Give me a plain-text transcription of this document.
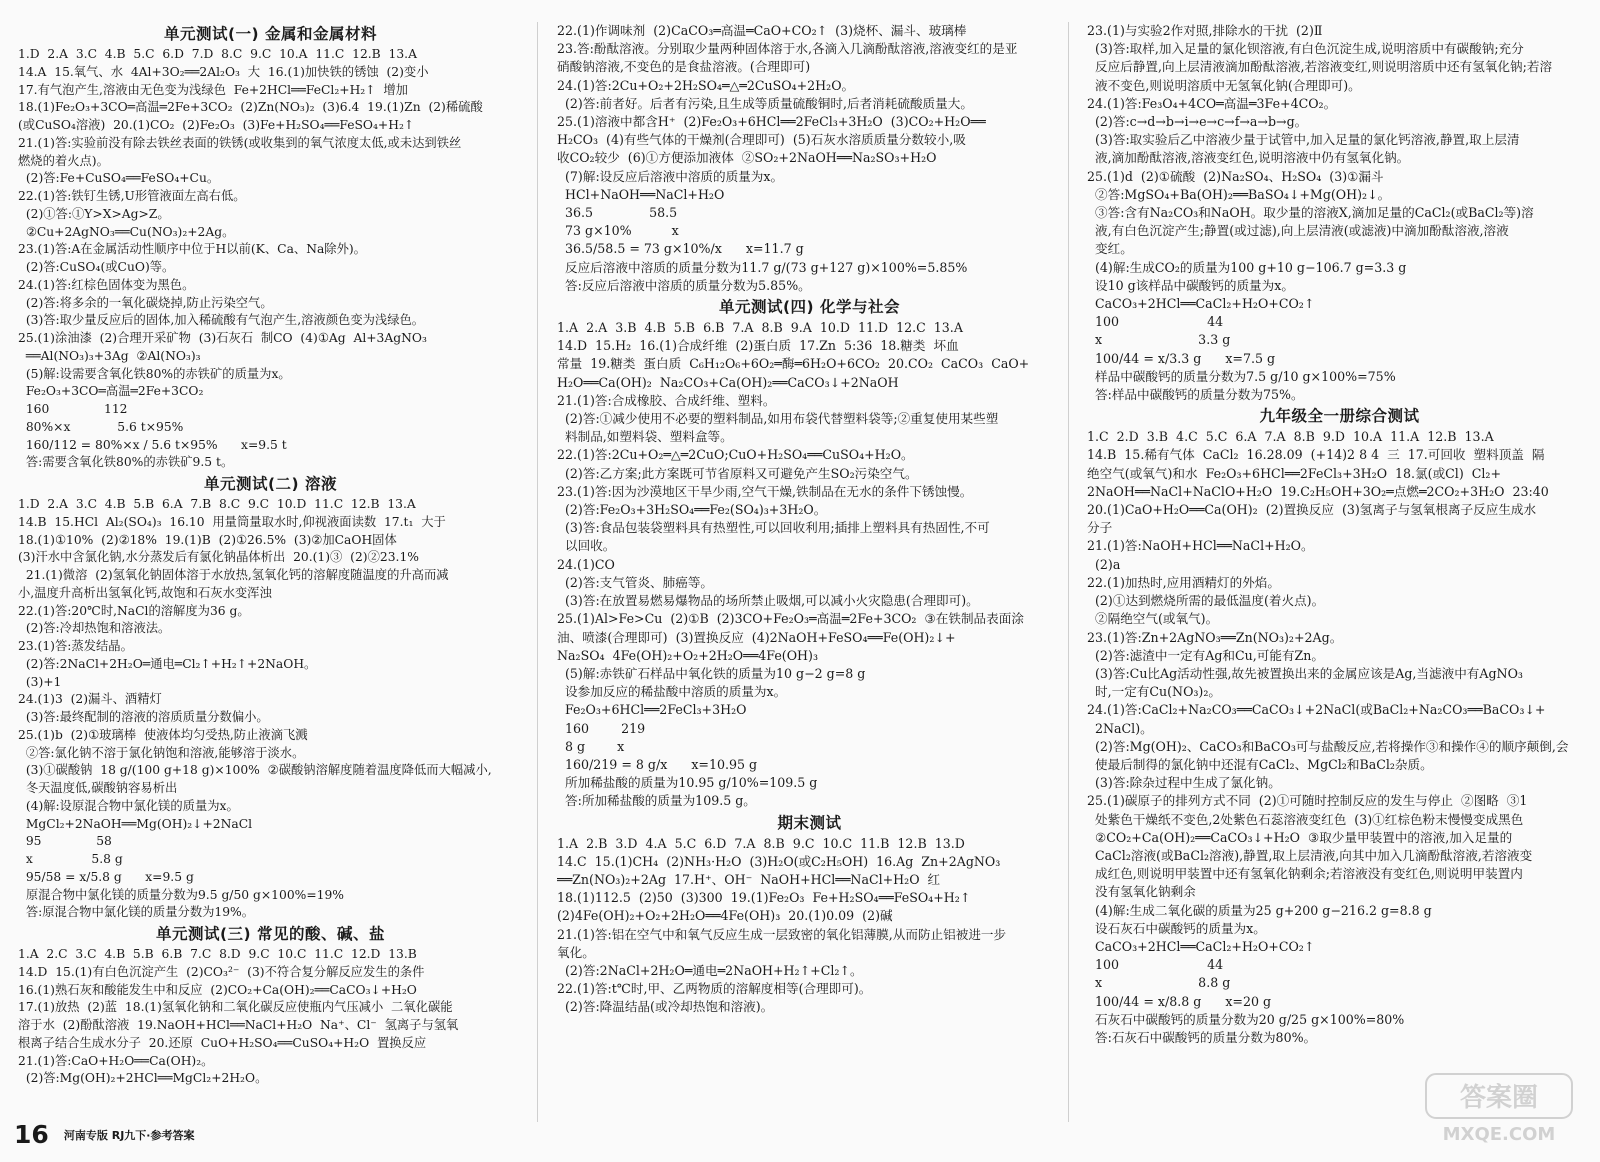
单元测试(一) 金属和金属材料
1.D  2.A  3.C  4.B  5.C  6.D  7.D  8.C  9.C  10.A  11.C  12.B  13.A
14.A  15.氧气、水  4Al+3O₂══2Al₂O₃  大  16.(1)加快铁的锈蚀  (2)变小
17.有气泡产生,溶液由无色变为浅绿色  Fe+2HCl══FeCl₂+H₂↑  增加
18.(1)Fe₂O₃+3CO═高温═2Fe+3CO₂  (2)Zn(NO₃)₂  (3)6.4  19.(1)Zn  (2)稀硫酸
(或CuSO₄溶液)  20.(1)CO₂  (2)Fe₂O₃  (3)Fe+H₂SO₄══FeSO₄+H₂↑
21.(1)答:实验前没有除去铁丝表面的铁锈(或收集到的氧气浓度太低,或未达到铁丝
燃烧的着火点)。
(2)答:Fe+CuSO₄══FeSO₄+Cu。
22.(1)答:铁钉生锈,U形管液面左高右低。
(2)①答:①Y>X>Ag>Z。
②Cu+2AgNO₃══Cu(NO₃)₂+2Ag。
23.(1)答:A在金属活动性顺序中位于H以前(K、Ca、Na除外)。
(2)答:CuSO₄(或CuO)等。
24.(1)答:红棕色固体变为黑色。
(2)答:将多余的一氧化碳烧掉,防止污染空气。
(3)答:取少量反应后的固体,加入稀硫酸有气泡产生,溶液颜色变为浅绿色。
25.(1)涂油漆  (2)合理开采矿物  (3)石灰石  制CO  (4)①Ag  Al+3AgNO₃
══Al(NO₃)₃+3Ag  ②Al(NO₃)₃
(5)解:设需要含氧化铁80%的赤铁矿的质量为x。
Fe₂O₃+3CO═高温═2Fe+3CO₂
160              112
80%×x            5.6 t×95%
160/112 = 80%×x / 5.6 t×95%      x=9.5 t
答:需要含氧化铁80%的赤铁矿9.5 t。
单元测试(二) 溶液
1.D  2.A  3.C  4.B  5.B  6.A  7.B  8.C  9.C  10.D  11.C  12.B  13.A
14.B  15.HCl  Al₂(SO₄)₃  16.10  用量筒量取水时,仰视液面读数  17.t₁  大于
18.(1)①10%  (2)②18%  19.(1)B  (2)①26.5%  (3)②加CaOH固体
(3)汗水中含氯化钠,水分蒸发后有氯化钠晶体析出  20.(1)③  (2)②23.1%
21.(1)微溶  (2)氢氧化钠固体溶于水放热,氢氧化钙的溶解度随温度的升高而减
小,温度升高析出氢氧化钙,故饱和石灰水变浑浊
22.(1)答:20℃时,NaCl的溶解度为36 g。
(2)答:冷却热饱和溶液法。
23.(1)答:蒸发结晶。
(2)答:2NaCl+2H₂O═通电═Cl₂↑+H₂↑+2NaOH。
(3)+1
24.(1)3  (2)漏斗、酒精灯
(3)答:最终配制的溶液的溶质质量分数偏小。
25.(1)b  (2)①玻璃棒  使液体均匀受热,防止液滴飞溅
②答:氯化钠不溶于氯化钠饱和溶液,能够溶于淡水。
(3)①碳酸钠  18 g/(100 g+18 g)×100%  ②碳酸钠溶解度随着温度降低而大幅减小,
冬天温度低,碳酸钠容易析出
(4)解:设原混合物中氯化镁的质量为x。
MgCl₂+2NaOH══Mg(OH)₂↓+2NaCl
95              58
x               5.8 g
95/58 = x/5.8 g      x=9.5 g
原混合物中氯化镁的质量分数为9.5 g/50 g×100%=19%
答:原混合物中氯化镁的质量分数为19%。
单元测试(三) 常见的酸、碱、盐
1.A  2.C  3.C  4.B  5.B  6.B  7.C  8.D  9.C  10.C  11.C  12.D  13.B
14.D  15.(1)有白色沉淀产生  (2)CO₃²⁻  (3)不符合复分解反应发生的条件
16.(1)熟石灰和酸能发生中和反应  (2)CO₂+Ca(OH)₂══CaCO₃↓+H₂O
17.(1)放热  (2)蓝  18.(1)氢氧化钠和二氧化碳反应使瓶内气压减小  二氧化碳能
溶于水  (2)酚酞溶液  19.NaOH+HCl══NaCl+H₂O  Na⁺、Cl⁻  氢离子与氢氧
根离子结合生成水分子  20.还原  CuO+H₂SO₄══CuSO₄+H₂O  置换反应
21.(1)答:CaO+H₂O══Ca(OH)₂。
(2)答:Mg(OH)₂+2HCl══MgCl₂+2H₂O。
22.(1)作调味剂  (2)CaCO₃═高温═CaO+CO₂↑  (3)烧杯、漏斗、玻璃棒
23.答:酚酞溶液。分别取少量两种固体溶于水,各滴入几滴酚酞溶液,溶液变红的是亚
硝酸钠溶液,不变色的是食盐溶液。(合理即可)
24.(1)答:2Cu+O₂+2H₂SO₄═△═2CuSO₄+2H₂O。
(2)答:前者好。后者有污染,且生成等质量硫酸铜时,后者消耗硫酸质量大。
25.(1)溶液中都含H⁺  (2)Fe₂O₃+6HCl══2FeCl₃+3H₂O  (3)CO₂+H₂O══
H₂CO₃  (4)有些气体的干燥剂(合理即可)  (5)石灰水溶质质量分数较小,吸
收CO₂较少  (6)①方便添加液体  ②SO₂+2NaOH══Na₂SO₃+H₂O
(7)解:设反应后溶液中溶质的质量为x。
HCl+NaOH══NaCl+H₂O
36.5              58.5
73 g×10%          x
36.5/58.5 = 73 g×10%/x      x=11.7 g
反应后溶液中溶质的质量分数为11.7 g/(73 g+127 g)×100%=5.85%
答:反应后溶液中溶质的质量分数为5.85%。
单元测试(四) 化学与社会
1.A  2.A  3.B  4.B  5.B  6.B  7.A  8.B  9.A  10.D  11.D  12.C  13.A
14.D  15.H₂  16.(1)合成纤维  (2)蛋白质  17.Zn  5:36  18.糖类  坏血
常量  19.糖类  蛋白质  C₆H₁₂O₆+6O₂═酶═6H₂O+6CO₂  20.CO₂  CaCO₃  CaO+
H₂O══Ca(OH)₂  Na₂CO₃+Ca(OH)₂══CaCO₃↓+2NaOH
21.(1)答:合成橡胶、合成纤维、塑料。
(2)答:①减少使用不必要的塑料制品,如用布袋代替塑料袋等;②重复使用某些塑
料制品,如塑料袋、塑料盒等。
22.(1)答:2Cu+O₂═△═2CuO;CuO+H₂SO₄══CuSO₄+H₂O。
(2)答:乙方案;此方案既可节省原料又可避免产生SO₂污染空气。
23.(1)答:因为沙漠地区干旱少雨,空气干燥,铁制品在无水的条件下锈蚀慢。
(2)答:Fe₂O₃+3H₂SO₄══Fe₂(SO₄)₃+3H₂O。
(3)答:食品包装袋塑料具有热塑性,可以回收利用;插排上塑料具有热固性,不可
以回收。
24.(1)CO
(2)答:支气管炎、肺癌等。
(3)答:在放置易燃易爆物品的场所禁止吸烟,可以减小火灾隐患(合理即可)。
25.(1)Al>Fe>Cu  (2)①B  (2)3CO+Fe₂O₃═高温═2Fe+3CO₂  ③在铁制品表面涂
油、喷漆(合理即可)  (3)置换反应  (4)2NaOH+FeSO₄══Fe(OH)₂↓+
Na₂SO₄  4Fe(OH)₂+O₂+2H₂O══4Fe(OH)₃
(5)解:赤铁矿石样品中氧化铁的质量为10 g−2 g=8 g
设参加反应的稀盐酸中溶质的质量为x。
Fe₂O₃+6HCl══2FeCl₃+3H₂O
160        219
8 g        x
160/219 = 8 g/x      x=10.95 g
所加稀盐酸的质量为10.95 g/10%=109.5 g
答:所加稀盐酸的质量为109.5 g。
期末测试
1.A  2.B  3.D  4.A  5.C  6.D  7.A  8.B  9.C  10.C  11.B  12.B  13.D
14.C  15.(1)CH₄  (2)NH₃·H₂O  (3)H₂O(或C₂H₅OH)  16.Ag  Zn+2AgNO₃
══Zn(NO₃)₂+2Ag  17.H⁺、OH⁻  NaOH+HCl══NaCl+H₂O  红
18.(1)112.5  (2)50  (3)300  19.(1)Fe₂O₃  Fe+H₂SO₄══FeSO₄+H₂↑
(2)4Fe(OH)₂+O₂+2H₂O══4Fe(OH)₃  20.(1)0.09  (2)碱
21.(1)答:铝在空气中和氧气反应生成一层致密的氧化铝薄膜,从而防止铝被进一步
氧化。
(2)答:2NaCl+2H₂O═通电═2NaOH+H₂↑+Cl₂↑。
22.(1)答:t℃时,甲、乙两物质的溶解度相等(合理即可)。
(2)答:降温结晶(或冷却热饱和溶液)。
23.(1)与实验2作对照,排除水的干扰  (2)Ⅱ
(3)答:取样,加入足量的氯化钡溶液,有白色沉淀生成,说明溶质中有碳酸钠;充分
反应后静置,向上层清液滴加酚酞溶液,若溶液变红,则说明溶质中还有氢氧化钠;若溶
液不变色,则说明溶质中无氢氧化钠(合理即可)。
24.(1)答:Fe₃O₄+4CO═高温═3Fe+4CO₂。
(2)答:c→d→b→i→e→c→f→a→b→g。
(3)答:取实验后乙中溶液少量于试管中,加入足量的氯化钙溶液,静置,取上层清
液,滴加酚酞溶液,溶液变红色,说明溶液中仍有氢氧化钠。
25.(1)d  (2)①硫酸  (2)Na₂SO₄、H₂SO₄  (3)①漏斗
②答:MgSO₄+Ba(OH)₂══BaSO₄↓+Mg(OH)₂↓。
③答:含有Na₂CO₃和NaOH。取少量的溶液X,滴加足量的CaCl₂(或BaCl₂等)溶
液,有白色沉淀产生;静置(或过滤),向上层清液(或滤液)中滴加酚酞溶液,溶液
变红。
(4)解:生成CO₂的质量为100 g+10 g−106.7 g=3.3 g
设10 g该样品中碳酸钙的质量为x。
CaCO₃+2HCl══CaCl₂+H₂O+CO₂↑
100                      44
x                        3.3 g
100/44 = x/3.3 g      x=7.5 g
样品中碳酸钙的质量分数为7.5 g/10 g×100%=75%
答:样品中碳酸钙的质量分数为75%。
九年级全一册综合测试
1.C  2.D  3.B  4.C  5.C  6.A  7.A  8.B  9.D  10.A  11.A  12.B  13.A
14.B  15.稀有气体  CaCl₂  16.28.09  (+14)2 8 4  三  17.可回收  塑料顶盖  隔
绝空气(或氧气)和水  Fe₂O₃+6HCl══2FeCl₃+3H₂O  18.氯(或Cl)  Cl₂+
2NaOH══NaCl+NaClO+H₂O  19.C₂H₅OH+3O₂═点燃═2CO₂+3H₂O  23:40
20.(1)CaO+H₂O══Ca(OH)₂  (2)置换反应  (3)氢离子与氢氧根离子反应生成水
分子
21.(1)答:NaOH+HCl══NaCl+H₂O。
(2)a
22.(1)加热时,应用酒精灯的外焰。
(2)①达到燃烧所需的最低温度(着火点)。
②隔绝空气(或氧气)。
23.(1)答:Zn+2AgNO₃══Zn(NO₃)₂+2Ag。
(2)答:滤渣中一定有Ag和Cu,可能有Zn。
(3)答:Cu比Ag活动性强,故先被置换出来的金属应该是Ag,当滤液中有AgNO₃
时,一定有Cu(NO₃)₂。
24.(1)答:CaCl₂+Na₂CO₃══CaCO₃↓+2NaCl(或BaCl₂+Na₂CO₃══BaCO₃↓+
2NaCl)。
(2)答:Mg(OH)₂、CaCO₃和BaCO₃可与盐酸反应,若将操作③和操作④的顺序颠倒,会
使最后制得的氯化钠中还混有CaCl₂、MgCl₂和BaCl₂杂质。
(3)答:除杂过程中生成了氯化钠。
25.(1)碳原子的排列方式不同  (2)①可随时控制反应的发生与停止  ②图略  ③1
处紫色干燥纸不变色,2处紫色石蕊溶液变红色  (3)①红棕色粉末慢慢变成黑色
②CO₂+Ca(OH)₂══CaCO₃↓+H₂O  ③取少量甲装置中的溶液,加入足量的
CaCl₂溶液(或BaCl₂溶液),静置,取上层清液,向其中加入几滴酚酞溶液,若溶液变
成红色,则说明甲装置中还有氢氧化钠剩余;若溶液没有变红色,则说明甲装置内
没有氢氧化钠剩余
(4)解:生成二氧化碳的质量为25 g+200 g−216.2 g=8.8 g
设石灰石中碳酸钙的质量为x。
CaCO₃+2HCl══CaCl₂+H₂O+CO₂↑
100                      44
x                        8.8 g
100/44 = x/8.8 g      x=20 g
石灰石中碳酸钙的质量分数为20 g/25 g×100%=80%
答:石灰石中碳酸钙的质量分数为80%。
16 河南专版 RJ九下·参考答案
答案圈
MXQE.COM
